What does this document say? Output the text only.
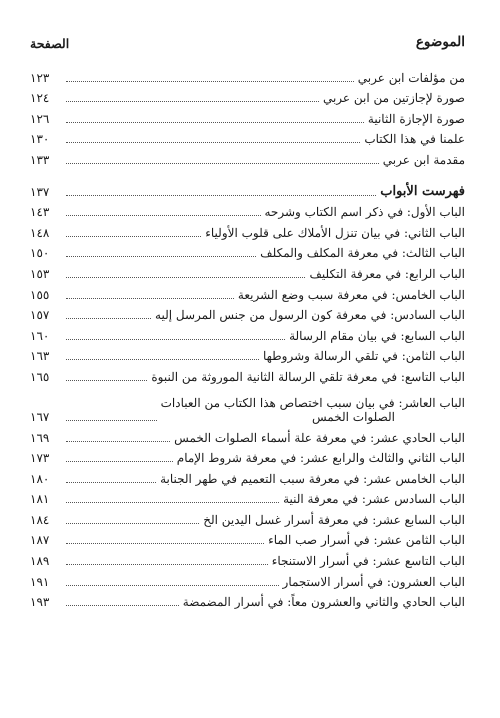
الموضوع
الصفحة
من مؤلفات ابن عربي
١٢٣
صورة لإجازتين من ابن عربي
١٢٤
صورة الإجازة الثانية
١٢٦
علمنا في هذا الكتاب
١٣٠
مقدمة ابن عربي
١٣٣
فهرست الأبواب
١٣٧
الباب الأول: في ذكر اسم الكتاب وشرحه
١٤٣
الباب الثاني: في بيان تنزل الأملاك على قلوب الأولياء
١٤٨
الباب الثالث: في معرفة المكلف والمكلف
١٥٠
الباب الرابع: في معرفة التكليف
١٥٣
الباب الخامس: في معرفة سبب وضع الشريعة
١٥٥
الباب السادس: في معرفة كون الرسول من جنس المرسل إليه
١٥٧
الباب السابع: في بيان مقام الرسالة
١٦٠
الباب الثامن: في تلقي الرسالة وشروطها
١٦٣
الباب التاسع: في معرفة تلقي الرسالة الثانية الموروثة من النبوة
١٦٥
الباب العاشر: في بيان سبب اختصاص هذا الكتاب من العبادات
الصلوات الخمس
١٦٧
الباب الحادي عشر: في معرفة علة أسماء الصلوات الخمس
١٦٩
الباب الثاني والثالث والرابع عشر: في معرفة شروط الإمام
١٧٣
الباب الخامس عشر: في معرفة سبب التعميم في طهر الجنابة
١٨٠
الباب السادس عشر: في معرفة النية
١٨١
الباب السابع عشر: في معرفة أسرار غسل اليدين الخ
١٨٤
الباب الثامن عشر: في أسرار صب الماء
١٨٧
الباب التاسع عشر: في أسرار الاستنجاء
١٨٩
الباب العشرون: في أسرار الاستجمار
١٩١
الباب الحادي والثاني والعشرون معاً: في أسرار المضمضة
١٩٣
